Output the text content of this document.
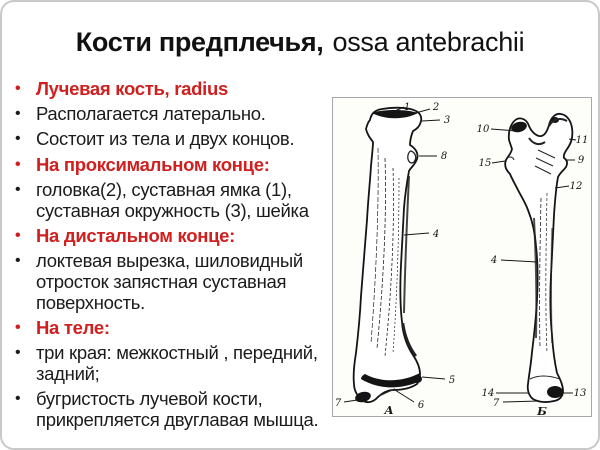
Кости предплечья, ossa antebrachii
• Лучевая кость, radius
• Располагается латерально.
• Состоит из тела и двух концов.
• На проксимальном конце:
• головка(2), суставная ямка (1), суставная окружность (3), шейка
• На дистальном конце:
• локтевая вырезка, шиловидный отросток запястная суставная поверхность.
• На теле:
• три края: межкостный , передний, задний;
• бугристость лучевой кости, прикрепляется двуглавая мышца.
1 2
3
8
4
5
6
7	А
10
11
9
15
12
4
14	13
7
Б
